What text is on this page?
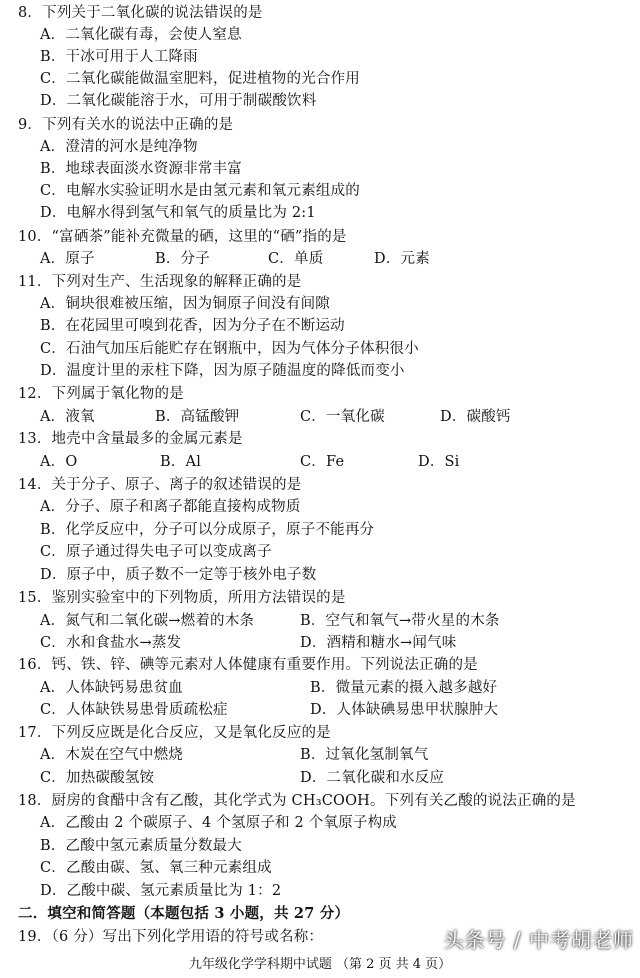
8．下列关于二氧化碳的说法错误的是
A．二氧化碳有毒，会使人窒息
B．干冰可用于人工降雨
C．二氧化碳能做温室肥料，促进植物的光合作用
D．二氧化碳能溶于水，可用于制碳酸饮料
9．下列有关水的说法中正确的是
A．澄清的河水是纯净物
B．地球表面淡水资源非常丰富
C．电解水实验证明水是由氢元素和氧元素组成的
D．电解水得到氢气和氧气的质量比为 2:1
10．“富硒茶”能补充微量的硒，这里的“硒”指的是
A．原子	B．分子	C．单质	D．元素
11．下列对生产、生活现象的解释正确的是
A．铜块很难被压缩，因为铜原子间没有间隙
B．在花园里可嗅到花香，因为分子在不断运动
C．石油气加压后能贮存在钢瓶中，因为气体分子体积很小
D．温度计里的汞柱下降，因为原子随温度的降低而变小
12．下列属于氧化物的是
A．液氧	B．高锰酸钾	C．一氧化碳	D．碳酸钙
13．地壳中含量最多的金属元素是
A．O	B．Al	C．Fe	D．Si
14．关于分子、原子、离子的叙述错误的是
A．分子、原子和离子都能直接构成物质
B．化学反应中，分子可以分成原子，原子不能再分
C．原子通过得失电子可以变成离子
D．原子中，质子数不一定等于核外电子数
15．鉴别实验室中的下列物质，所用方法错误的是
A．氮气和二氧化碳→燃着的木条	B．空气和氧气→带火星的木条
C．水和食盐水→蒸发	D．酒精和糖水→闻气味
16．钙、铁、锌、碘等元素对人体健康有重要作用。下列说法正确的是
A．人体缺钙易患贫血	B．微量元素的摄入越多越好
C．人体缺铁易患骨质疏松症	D．人体缺碘易患甲状腺肿大
17．下列反应既是化合反应，又是氧化反应的是
A．木炭在空气中燃烧	B．过氧化氢制氧气
C．加热碳酸氢铵	D．二氧化碳和水反应
18．厨房的食醋中含有乙酸，其化学式为 CH₃COOH。下列有关乙酸的说法正确的是
A．乙酸由 2 个碳原子、4 个氢原子和 2 个氧原子构成
B．乙酸中氢元素质量分数最大
C．乙酸由碳、氢、氧三种元素组成
D．乙酸中碳、氢元素质量比为 1：2
二．填空和简答题（本题包括 3 小题，共 27 分）
19．（6 分）写出下列化学用语的符号或名称：	头条号 / 中考胡老师
九年级化学学科期中试题 （第 2 页 共 4 页）
